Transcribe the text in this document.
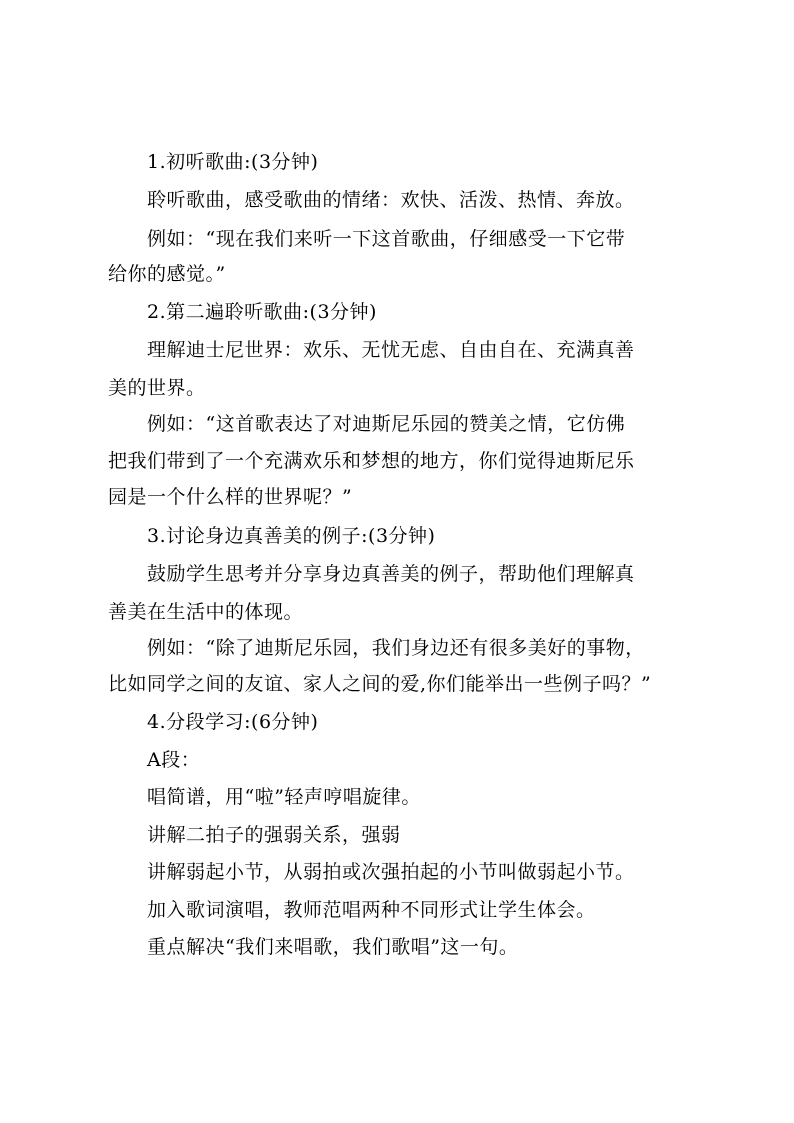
1.初听歌曲:(3分钟)
聆听歌曲，感受歌曲的情绪：欢快、活泼、热情、奔放。
例如：“现在我们来听一下这首歌曲，仔细感受一下它带
给你的感觉。”
2.第二遍聆听歌曲:(3分钟)
理解迪士尼世界：欢乐、无忧无虑、自由自在、充满真善
美的世界。
例如：“这首歌表达了对迪斯尼乐园的赞美之情，它仿佛
把我们带到了一个充满欢乐和梦想的地方，你们觉得迪斯尼乐
园是一个什么样的世界呢？”
3.讨论身边真善美的例子:(3分钟)
鼓励学生思考并分享身边真善美的例子，帮助他们理解真
善美在生活中的体现。
例如：“除了迪斯尼乐园，我们身边还有很多美好的事物，
比如同学之间的友谊、家人之间的爱,你们能举出一些例子吗？”
4.分段学习:(6分钟)
A段：
唱简谱，用“啦”轻声哼唱旋律。
讲解二拍子的强弱关系，强弱
讲解弱起小节，从弱拍或次强拍起的小节叫做弱起小节。
加入歌词演唱，教师范唱两种不同形式让学生体会。
重点解决“我们来唱歌，我们歌唱”这一句。
